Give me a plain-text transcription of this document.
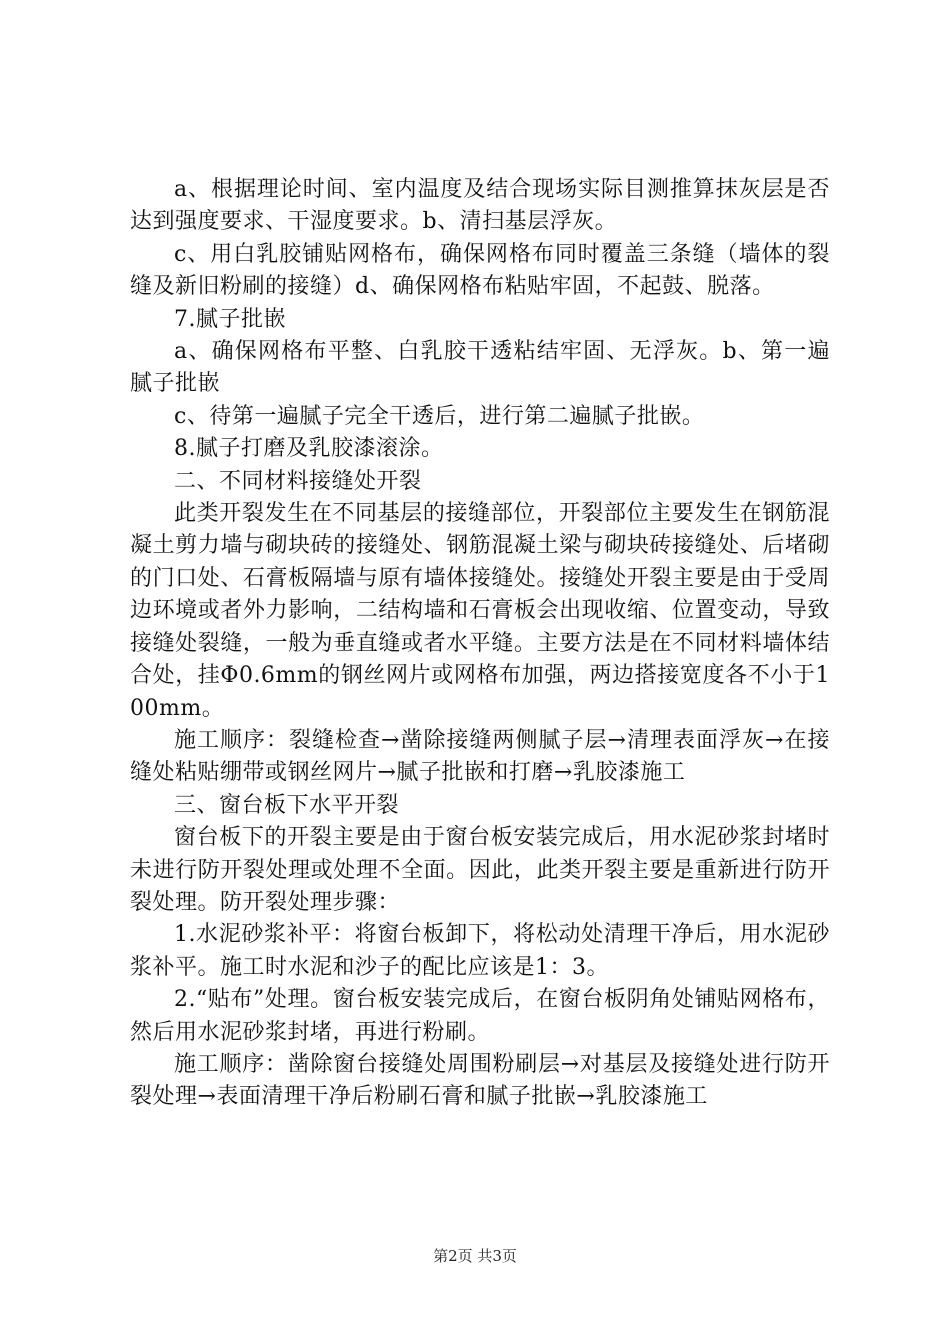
a、根据理论时间、室内温度及结合现场实际目测推算抹灰层是否达到强度要求、干湿度要求。b、清扫基层浮灰。

c、用白乳胶铺贴网格布，确保网格布同时覆盖三条缝（墙体的裂缝及新旧粉刷的接缝）d、确保网格布粘贴牢固，不起鼓、脱落。

7.腻子批嵌

a、确保网格布平整、白乳胶干透粘结牢固、无浮灰。b、第一遍腻子批嵌

c、待第一遍腻子完全干透后，进行第二遍腻子批嵌。

8.腻子打磨及乳胶漆滚涂。

二、不同材料接缝处开裂

此类开裂发生在不同基层的接缝部位，开裂部位主要发生在钢筋混凝土剪力墙与砌块砖的接缝处、钢筋混凝土梁与砌块砖接缝处、后堵砌的门口处、石膏板隔墙与原有墙体接缝处。接缝处开裂主要是由于受周边环境或者外力影响，二结构墙和石膏板会出现收缩、位置变动，导致接缝处裂缝，一般为垂直缝或者水平缝。主要方法是在不同材料墙体结合处，挂Φ0.6mm的钢丝网片或网格布加强，两边搭接宽度各不小于100mm。

施工顺序：裂缝检查→凿除接缝两侧腻子层→清理表面浮灰→在接缝处粘贴绷带或钢丝网片→腻子批嵌和打磨→乳胶漆施工

三、窗台板下水平开裂

窗台板下的开裂主要是由于窗台板安装完成后，用水泥砂浆封堵时未进行防开裂处理或处理不全面。因此，此类开裂主要是重新进行防开裂处理。防开裂处理步骤：

1.水泥砂浆补平：将窗台板卸下，将松动处清理干净后，用水泥砂浆补平。施工时水泥和沙子的配比应该是1：3。

2.“贴布”处理。窗台板安装完成后，在窗台板阴角处铺贴网格布，然后用水泥砂浆封堵，再进行粉刷。

施工顺序：凿除窗台接缝处周围粉刷层→对基层及接缝处进行防开裂处理→表面清理干净后粉刷石膏和腻子批嵌→乳胶漆施工

第2页 共3页
